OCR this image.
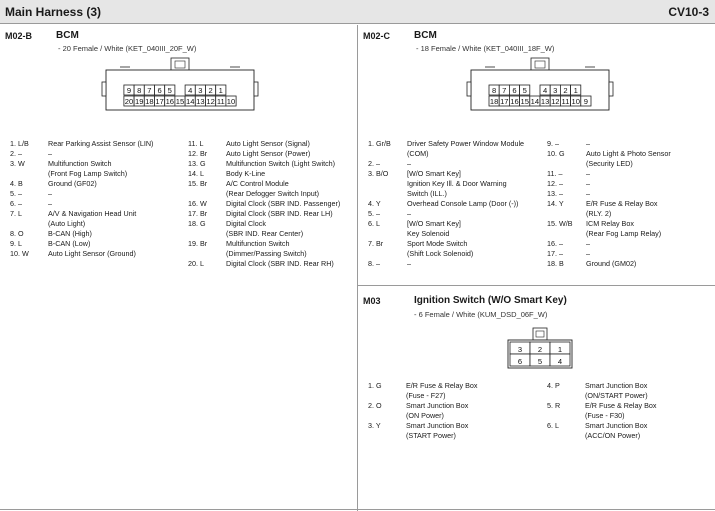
Main Harness (3)	CV10-3
M02-B BCM
- 20 Female / White (KET_040III_20F_W)
9 8 7 6 5 4 3 2 1
20 19 18 17 16 15 14 13 12 11 10
1. L/B	Rear Parking Assist Sensor (LIN)
2. –	–
3. W	Multifunction Switch
(Front Fog Lamp Switch)
4. B	Ground (GF02)
5. –	–
6. –	–
7. L	A/V & Navigation Head Unit
(Auto Light)
8. O	B-CAN (High)
9. L	B-CAN (Low)
10. W	Auto Light Sensor (Ground)
11. L	Auto Light Sensor (Signal)
12. Br	Auto Light Sensor (Power)
13. G	Multifunction Switch (Light Switch)
14. L	Body K-Line
15. Br	A/C Control Module
(Rear Defogger Switch Input)
16. W	Digital Clock (SBR IND. Passenger)
17. Br	Digital Clock (SBR IND. Rear LH)
18. G	Digital Clock
(SBR IND. Rear Center)
19. Br	Multifunction Switch
(Dimmer/Passing Switch)
20. L	Digital Clock (SBR IND. Rear RH)
M02-C BCM
- 18 Female / White (KET_040III_18F_W)
8 7 6 5 4 3 2 1
18 17 16 15 14 13 12 11 10 9
1. Gr/B Driver Safety Power Window Module
(COM)
2. –	–
3. B/O	[W/O Smart Key]
Ignition Key Ill. & Door Warning
Switch (ILL.)
4. Y	Overhead Console Lamp (Door (-))
5. –	–
6. L	[W/O Smart Key]
Key Solenoid
7. Br	Sport Mode Switch
(Shift Lock Solenoid)
8. –	–
9. –	–
10. G	Auto Light & Photo Sensor
(Security LED)
11. –	–
12. –	–
13. –	–
14. Y	E/R Fuse & Relay Box
(RLY. 2)
15. W/B ICM Relay Box
(Rear Fog Lamp Relay)
16. –	–
17. –	–
18. B	Ground (GM02)
M03	Ignition Switch (W/O Smart Key)
- 6 Female / White (KUM_DSD_06F_W)
3 2 1
6 5 4
1. G	E/R Fuse & Relay Box
(Fuse - F27)
2. O	Smart Junction Box
(ON Power)
3. Y	Smart Junction Box
(START Power)
4. P	Smart Junction Box
(ON/START Power)
5. R	E/R Fuse & Relay Box
(Fuse - F30)
6. L	Smart Junction Box
(ACC/ON Power)
